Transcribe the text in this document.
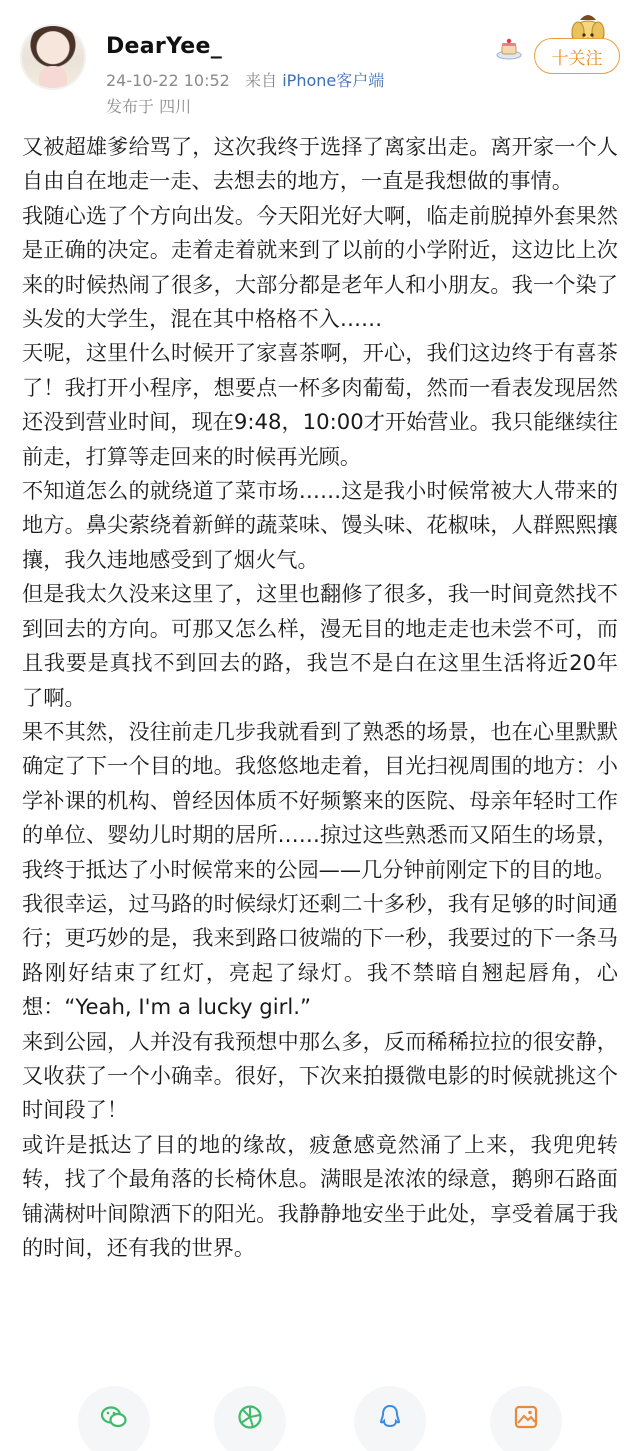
DearYee_
24-10-22 10:52 来自 iPhone客户端
发布于 四川
十关注

又被超雄爹给骂了，这次我终于选择了离家出走。离开家一个人自由自在地走一走、去想去的地方，一直是我想做的事情。

我随心选了个方向出发。今天阳光好大啊，临走前脱掉外套果然是正确的决定。走着走着就来到了以前的小学附近，这边比上次来的时候热闹了很多，大部分都是老年人和小朋友。我一个染了头发的大学生，混在其中格格不入……

天呢，这里什么时候开了家喜茶啊，开心，我们这边终于有喜茶了！我打开小程序，想要点一杯多肉葡萄，然而一看表发现居然还没到营业时间，现在9:48，10:00才开始营业。我只能继续往前走，打算等走回来的时候再光顾。

不知道怎么的就绕道了菜市场……这是我小时候常被大人带来的地方。鼻尖萦绕着新鲜的蔬菜味、馒头味、花椒味，人群熙熙攘攘，我久违地感受到了烟火气。

但是我太久没来这里了，这里也翻修了很多，我一时间竟然找不到回去的方向。可那又怎么样，漫无目的地走走也未尝不可，而且我要是真找不到回去的路，我岂不是白在这里生活将近20年了啊。

果不其然，没往前走几步我就看到了熟悉的场景，也在心里默默确定了下一个目的地。我悠悠地走着，目光扫视周围的地方：小学补课的机构、曾经因体质不好频繁来的医院、母亲年轻时工作的单位、婴幼儿时期的居所……掠过这些熟悉而又陌生的场景，我终于抵达了小时候常来的公园——几分钟前刚定下的目的地。

我很幸运，过马路的时候绿灯还剩二十多秒，我有足够的时间通行；更巧妙的是，我来到路口彼端的下一秒，我要过的下一条马路刚好结束了红灯，亮起了绿灯。我不禁暗自翘起唇角，心想：“Yeah, I'm a lucky girl.”

来到公园，人并没有我预想中那么多，反而稀稀拉拉的很安静，又收获了一个小确幸。很好，下次来拍摄微电影的时候就挑这个时间段了！

或许是抵达了目的地的缘故，疲惫感竟然涌了上来，我兜兜转转，找了个最角落的长椅休息。满眼是浓浓的绿意，鹅卵石路面铺满树叶间隙洒下的阳光。我静静地安坐于此处，享受着属于我的时间，还有我的世界。
